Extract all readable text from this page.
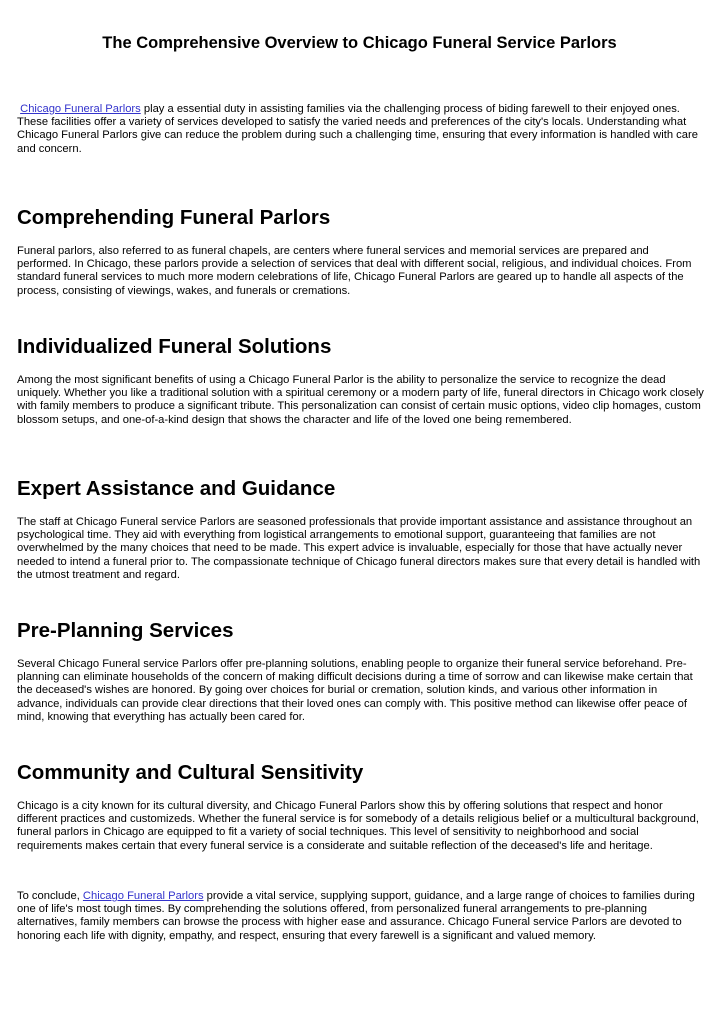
The Comprehensive Overview to Chicago Funeral Service Parlors

Chicago Funeral Parlors play a essential duty in assisting families via the challenging process of biding farewell to their enjoyed ones. These facilities offer a variety of services developed to satisfy the varied needs and preferences of the city's locals. Understanding what Chicago Funeral Parlors give can reduce the problem during such a challenging time, ensuring that every information is handled with care and concern.

Comprehending Funeral Parlors

Funeral parlors, also referred to as funeral chapels, are centers where funeral services and memorial services are prepared and performed. In Chicago, these parlors provide a selection of services that deal with different social, religious, and individual choices. From standard funeral services to much more modern celebrations of life, Chicago Funeral Parlors are geared up to handle all aspects of the process, consisting of viewings, wakes, and funerals or cremations.

Individualized Funeral Solutions

Among the most significant benefits of using a Chicago Funeral Parlor is the ability to personalize the service to recognize the dead uniquely. Whether you like a traditional solution with a spiritual ceremony or a modern party of life, funeral directors in Chicago work closely with family members to produce a significant tribute. This personalization can consist of certain music options, video clip homages, custom blossom setups, and one-of-a-kind design that shows the character and life of the loved one being remembered.

Expert Assistance and Guidance

The staff at Chicago Funeral service Parlors are seasoned professionals that provide important assistance and assistance throughout an psychological time. They aid with everything from logistical arrangements to emotional support, guaranteeing that families are not overwhelmed by the many choices that need to be made. This expert advice is invaluable, especially for those that have actually never needed to intend a funeral prior to. The compassionate technique of Chicago funeral directors makes sure that every detail is handled with the utmost treatment and regard.

Pre-Planning Services

Several Chicago Funeral service Parlors offer pre-planning solutions, enabling people to organize their funeral service beforehand. Pre-planning can eliminate households of the concern of making difficult decisions during a time of sorrow and can likewise make certain that the deceased's wishes are honored. By going over choices for burial or cremation, solution kinds, and various other information in advance, individuals can provide clear directions that their loved ones can comply with. This positive method can likewise offer peace of mind, knowing that everything has actually been cared for.

Community and Cultural Sensitivity

Chicago is a city known for its cultural diversity, and Chicago Funeral Parlors show this by offering solutions that respect and honor different practices and customizeds. Whether the funeral service is for somebody of a details religious belief or a multicultural background, funeral parlors in Chicago are equipped to fit a variety of social techniques. This level of sensitivity to neighborhood and social requirements makes certain that every funeral service is a considerate and suitable reflection of the deceased's life and heritage.

To conclude, Chicago Funeral Parlors provide a vital service, supplying support, guidance, and a large range of choices to families during one of life's most tough times. By comprehending the solutions offered, from personalized funeral arrangements to pre-planning alternatives, family members can browse the process with higher ease and assurance. Chicago Funeral service Parlors are devoted to honoring each life with dignity, empathy, and respect, ensuring that every farewell is a significant and valued memory.
